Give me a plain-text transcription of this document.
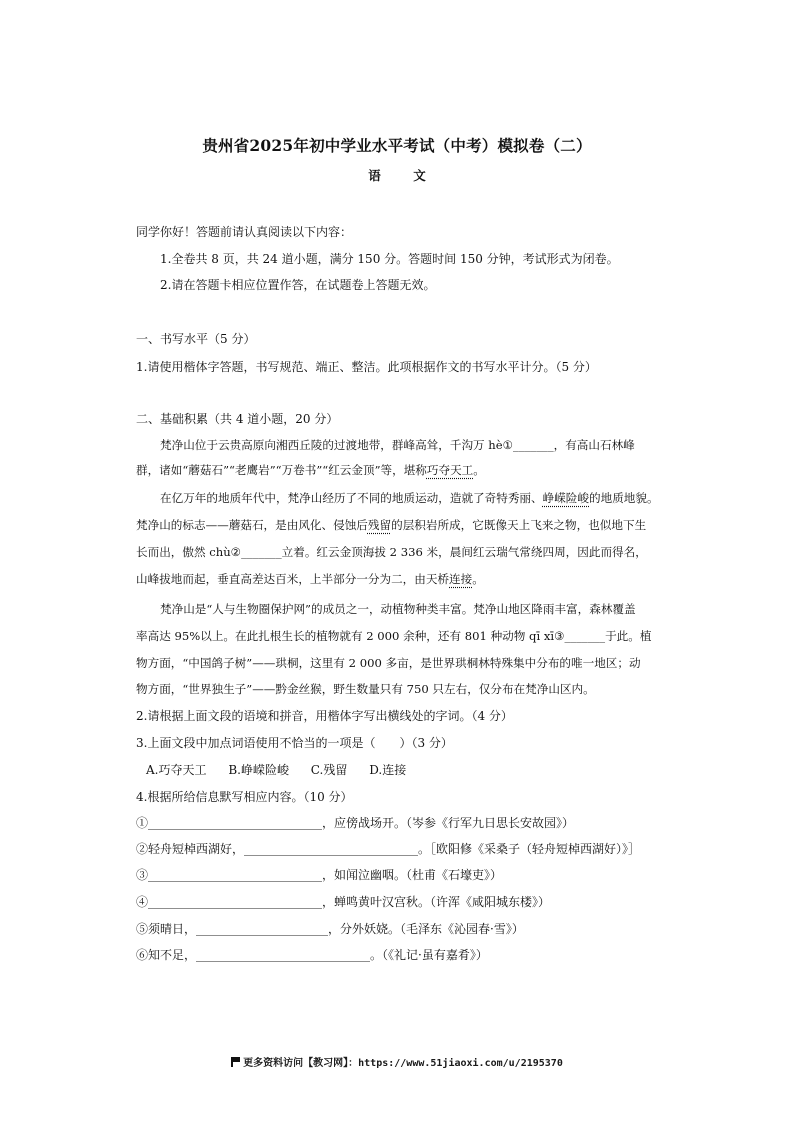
贵州省2025年初中学业水平考试（中考）模拟卷（二）
语　文
同学你好！答题前请认真阅读以下内容：
1.全卷共 8 页，共 24 道小题，满分 150 分。答题时间 150 分钟，考试形式为闭卷。
2.请在答题卡相应位置作答，在试题卷上答题无效。
一、书写水平（5 分）
1.请使用楷体字答题，书写规范、端正、整洁。此项根据作文的书写水平计分。（5 分）
二、基础积累（共 4 道小题，20 分）
梵净山位于云贵高原向湘西丘陵的过渡地带，群峰高耸，千沟万 hè①_______，有高山石林峰
群，诸如“蘑菇石”“老鹰岩”“万卷书”“红云金顶”等，堪称巧夺天工。
在亿万年的地质年代中，梵净山经历了不同的地质运动，造就了奇特秀丽、峥嵘险峻的地质地貌。
梵净山的标志——蘑菇石，是由风化、侵蚀后残留的层积岩所成，它既像天上飞来之物，也似地下生
长而出，傲然 chù②_______立着。红云金顶海拔 2 336 米，晨间红云瑞气常绕四周，因此而得名，
山峰拔地而起，垂直高差达百米，上半部分一分为二，由天桥连接。
梵净山是“人与生物圈保护网”的成员之一，动植物种类丰富。梵净山地区降雨丰富，森林覆盖
率高达 95%以上。在此扎根生长的植物就有 2 000 余种，还有 801 种动物 qī xī③_______于此。植
物方面，“中国鸽子树”——珙桐，这里有 2 000 多亩，是世界珙桐林特殊集中分布的唯一地区；动
物方面，“世界独生子”——黔金丝猴，野生数量只有 750 只左右，仅分布在梵净山区内。
2.请根据上面文段的语境和拼音，用楷体字写出横线处的字词。（4 分）
3.上面文段中加点词语使用不恰当的一项是（　　）（3 分）
A.巧夺天工 B.峥嵘险峻 C.残留 D.连接
4.根据所给信息默写相应内容。（10 分）
①_____________________________，应傍战场开。（岑参《行军九日思长安故园》）
②轻舟短棹西湖好，_____________________________。［欧阳修《采桑子（轻舟短棹西湖好）》］
③_____________________________，如闻泣幽咽。（杜甫《石壕吏》）
④_____________________________，蝉鸣黄叶汉宫秋。（许浑《咸阳城东楼》）
⑤须晴日，______________________，分外妖娆。（毛泽东《沁园春·雪》）
⑥知不足，_____________________________。（《礼记·虽有嘉肴》）
更多资料访问【教习网】：https://www.51jiaoxi.com/u/2195370
